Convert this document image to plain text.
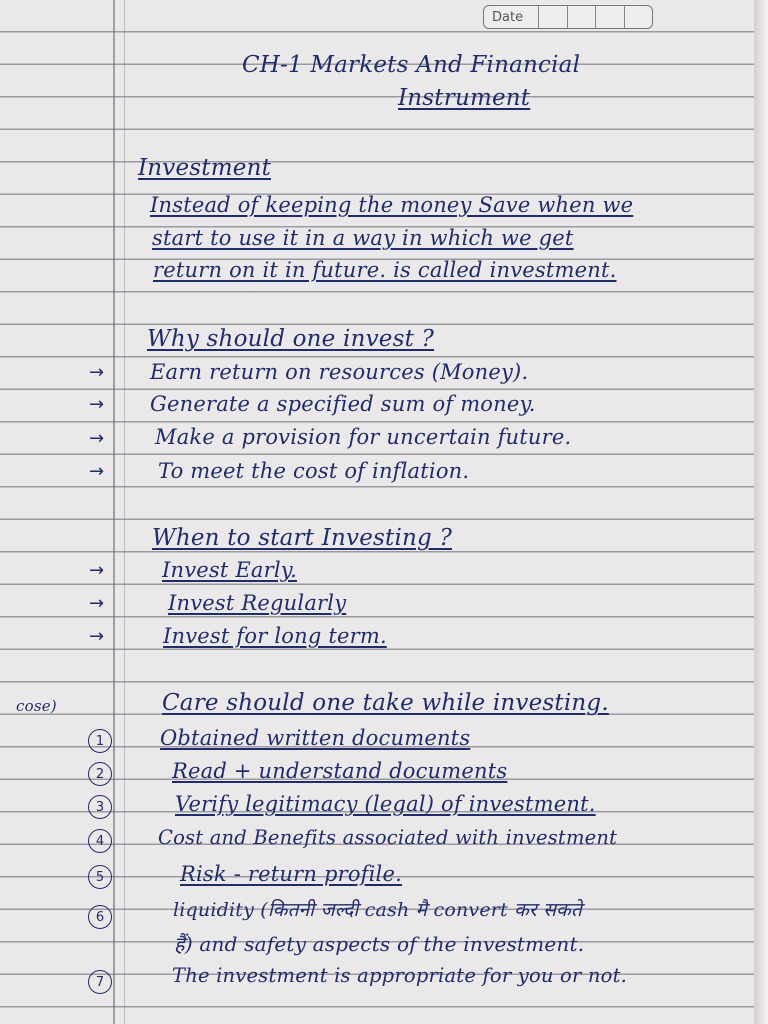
Date
CH-1 Markets And Financial
Instrument
Investment
Instead of keeping the money Save when we
start to use it in a way in which we get
return on it in future. is called investment.
Why should one invest ?
→ Earn return on resources (Money).
→ Generate a specified sum of money.
→ Make a provision for uncertain future.
→	To meet the cost of inflation.
When to start Investing ?
→	Invest Early.
→	Invest Regularly
→	Invest for long term.
cose)	Care should one take while investing.
1	Obtained written documents
2	Read + understand documents
3	Verify legitimacy (legal) of investment.
4	Cost and Benefits associated with investment
5	Risk - return profile.
6	liquidity (कितनी जल्दी cash मै convert कर सकते
हैं) and safety aspects of the investment.
7	The investment is appropriate for you or not.
